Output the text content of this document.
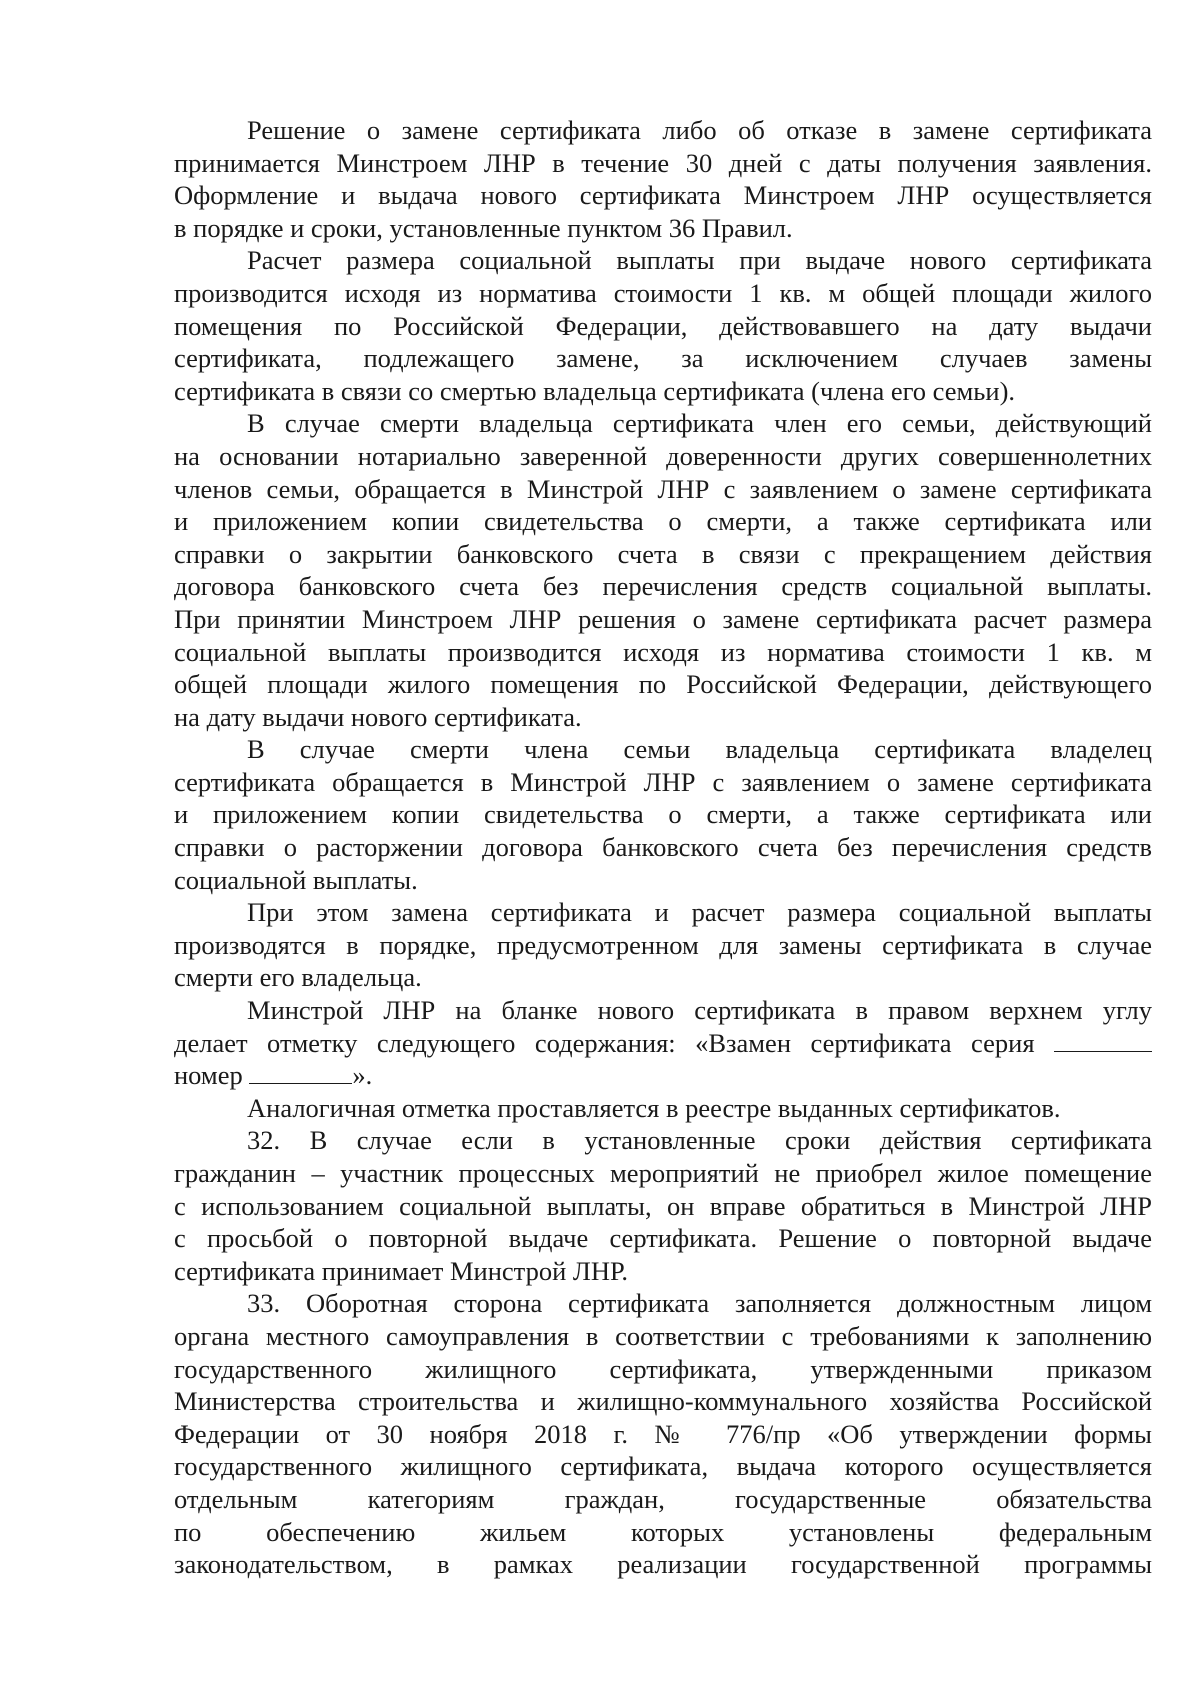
Решение о замене сертификата либо об отказе в замене сертификата
принимается Минстроем ЛНР в течение 30 дней с даты получения заявления.
Оформление и выдача нового сертификата Минстроем ЛНР осуществляется
в порядке и сроки, установленные пунктом 36 Правил.
Расчет размера социальной выплаты при выдаче нового сертификата
производится исходя из норматива стоимости 1 кв. м общей площади жилого
помещения по Российской Федерации, действовавшего на дату выдачи
сертификата, подлежащего замене, за исключением случаев замены
сертификата в связи со смертью владельца сертификата (члена его семьи).
В случае смерти владельца сертификата член его семьи, действующий
на основании нотариально заверенной доверенности других совершеннолетних
членов семьи, обращается в Минстрой ЛНР с заявлением о замене сертификата
и приложением копии свидетельства о смерти, а также сертификата или
справки о закрытии банковского счета в связи с прекращением действия
договора банковского счета без перечисления средств социальной выплаты.
При принятии Минстроем ЛНР решения о замене сертификата расчет размера
социальной выплаты производится исходя из норматива стоимости 1 кв. м
общей площади жилого помещения по Российской Федерации, действующего
на дату выдачи нового сертификата.
В случае смерти члена семьи владельца сертификата владелец
сертификата обращается в Минстрой ЛНР с заявлением о замене сертификата
и приложением копии свидетельства о смерти, а также сертификата или
справки о расторжении договора банковского счета без перечисления средств
социальной выплаты.
При этом замена сертификата и расчет размера социальной выплаты
производятся в порядке, предусмотренном для замены сертификата в случае
смерти его владельца.
Минстрой ЛНР на бланке нового сертификата в правом верхнем углу
делает отметку следующего содержания: «Взамен сертификата серия
номер	».
Аналогичная отметка проставляется в реестре выданных сертификатов.
32. В случае если в установленные сроки действия сертификата
гражданин – участник процессных мероприятий не приобрел жилое помещение
с использованием социальной выплаты, он вправе обратиться в Минстрой ЛНР
с просьбой о повторной выдаче сертификата. Решение о повторной выдаче
сертификата принимает Минстрой ЛНР.
33. Оборотная сторона сертификата заполняется должностным лицом
органа местного самоуправления в соответствии с требованиями к заполнению
государственного жилищного сертификата, утвержденными приказом
Министерства строительства и жилищно-коммунального хозяйства Российской
Федерации от 30 ноября 2018 г. № 776/пр «Об утверждении формы
государственного жилищного сертификата, выдача которого осуществляется
отдельным категориям граждан, государственные обязательства
по обеспечению жильем которых установлены федеральным
законодательством, в рамках реализации государственной программы
